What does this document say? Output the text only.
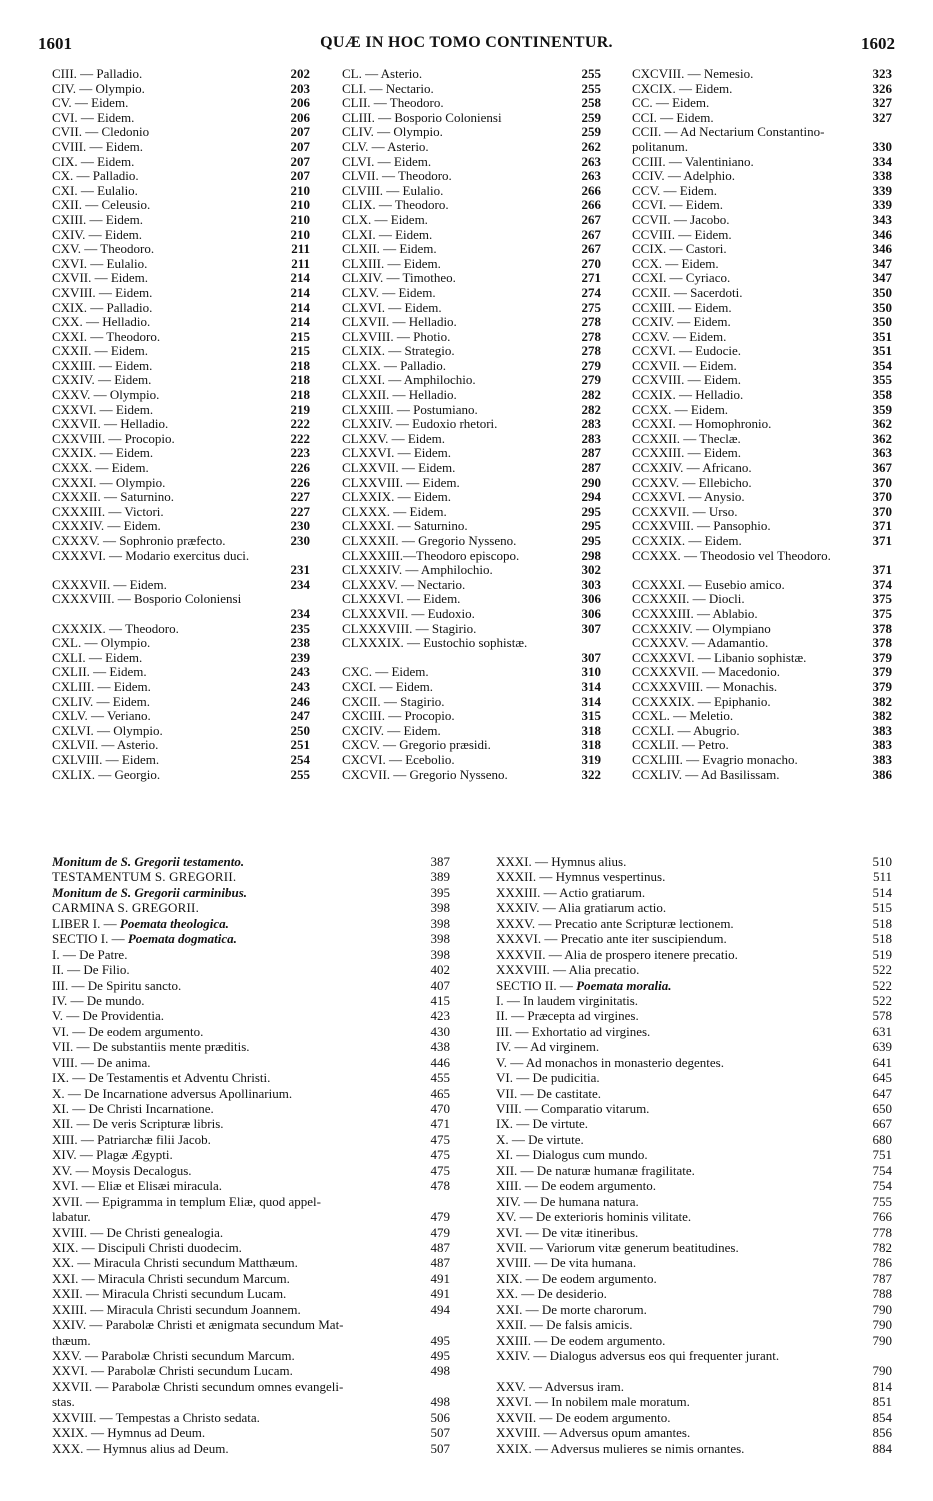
1601	QUÆ IN HOC TOMO CONTINENTUR.	1602
CIII. — Palladio.	202
CIV. — Olympio.	203
CV. — Eidem.	206
CVI. — Eidem.	206
CVII. — Cledonio	207
CVIII. — Eidem.	207
CIX. — Eidem.	207
CX. — Palladio.	207
CXI. — Eulalio.	210
CXII. — Celeusio.	210
CXIII. — Eidem.	210
CXIV. — Eidem.	210
CXV. — Theodoro.	211
CXVI. — Eulalio.	211
CXVII. — Eidem.	214
CXVIII. — Eidem.	214
CXIX. — Palladio.	214
CXX. — Helladio.	214
CXXI. — Theodoro.	215
CXXII. — Eidem.	215
CXXIII. — Eidem.	218
CXXIV. — Eidem.	218
CXXV. — Olympio.	218
CXXVI. — Eidem.	219
CXXVII. — Helladio.	222
CXXVIII. — Procopio.	222
CXXIX. — Eidem.	223
CXXX. — Eidem.	226
CXXXI. — Olympio.	226
CXXXII. — Saturnino.	227
CXXXIII. — Victori.	227
CXXXIV. — Eidem.	230
CXXXV. — Sophronio præfecto.	230
CXXXVI. — Modario exercitus duci.
231
CXXXVII. — Eidem.	234
CXXXVIII. — Bosporio Coloniensi
234
CXXXIX. — Theodoro.	235
CXL. — Olympio.	238
CXLI. — Eidem.	239
CXLII. — Eidem.	243
CXLIII. — Eidem.	243
CXLIV. — Eidem.	246
CXLV. — Veriano.	247
CXLVI. — Olympio.	250
CXLVII. — Asterio.	251
CXLVIII. — Eidem.	254
CXLIX. — Georgio.	255
CL. — Asterio.	255
CLI. — Nectario.	255
CLII. — Theodoro.	258
CLIII. — Bosporio Coloniensi	259
CLIV. — Olympio.	259
CLV. — Asterio.	262
CLVI. — Eidem.	263
CLVII. — Theodoro.	263
CLVIII. — Eulalio.	266
CLIX. — Theodoro.	266
CLX. — Eidem.	267
CLXI. — Eidem.	267
CLXII. — Eidem.	267
CLXIII. — Eidem.	270
CLXIV. — Timotheo.	271
CLXV. — Eidem.	274
CLXVI. — Eidem.	275
CLXVII. — Helladio.	278
CLXVIII. — Photio.	278
CLXIX. — Strategio.	278
CLXX. — Palladio.	279
CLXXI. — Amphilochio.	279
CLXXII. — Helladio.	282
CLXXIII. — Postumiano.	282
CLXXIV. — Eudoxio rhetori.	283
CLXXV. — Eidem.	283
CLXXVI. — Eidem.	287
CLXXVII. — Eidem.	287
CLXXVIII. — Eidem.	290
CLXXIX. — Eidem.	294
CLXXX. — Eidem.	295
CLXXXI. — Saturnino.	295
CLXXXII. — Gregorio Nysseno.	295
CLXXXIII.—Theodoro episcopo.	298
CLXXXIV. — Amphilochio.	302
CLXXXV. — Nectario.	303
CLXXXVI. — Eidem.	306
CLXXXVII. — Eudoxio.	306
CLXXXVIII. — Stagirio.	307
CLXXXIX. — Eustochio sophistæ.
307
CXC. — Eidem.	310
CXCI. — Eidem.	314
CXCII. — Stagirio.	314
CXCIII. — Procopio.	315
CXCIV. — Eidem.	318
CXCV. — Gregorio præsidi.	318
CXCVI. — Ecebolio.	319
CXCVII. — Gregorio Nysseno.	322
CXCVIII. — Nemesio.	323
CXCIX. — Eidem.	326
CC. — Eidem.	327
CCI. — Eidem.	327
CCII. — Ad Nectarium Constantino-
politanum.	330
CCIII. — Valentiniano.	334
CCIV. — Adelphio.	338
CCV. — Eidem.	339
CCVI. — Eidem.	339
CCVII. — Jacobo.	343
CCVIII. — Eidem.	346
CCIX. — Castori.	346
CCX. — Eidem.	347
CCXI. — Cyriaco.	347
CCXII. — Sacerdoti.	350
CCXIII. — Eidem.	350
CCXIV. — Eidem.	350
CCXV. — Eidem.	351
CCXVI. — Eudocie.	351
CCXVII. — Eidem.	354
CCXVIII. — Eidem.	355
CCXIX. — Helladio.	358
CCXX. — Eidem.	359
CCXXI. — Homophronio.	362
CCXXII. — Theclæ.	362
CCXXIII. — Eidem.	363
CCXXIV. — Africano.	367
CCXXV. — Ellebicho.	370
CCXXVI. — Anysio.	370
CCXXVII. — Urso.	370
CCXXVIII. — Pansophio.	371
CCXXIX. — Eidem.	371
CCXXX. — Theodosio vel Theodoro.
371
CCXXXI. — Eusebio amico.	374
CCXXXII. — Diocli.	375
CCXXXIII. — Ablabio.	375
CCXXXIV. — Olympiano	378
CCXXXV. — Adamantio.	378
CCXXXVI. — Libanio sophistæ.	379
CCXXXVII. — Macedonio.	379
CCXXXVIII. — Monachis.	379
CCXXXIX. — Epiphanio.	382
CCXL. — Meletio.	382
CCXLI. — Abugrio.	383
CCXLII. — Petro.	383
CCXLIII. — Evagrio monacho.	383
CCXLIV. — Ad Basilissam.	386
Monitum de S. Gregorii testamento.	387
TESTAMENTUM S. GREGORII.	389
Monitum de S. Gregorii carminibus.	395
CARMINA S. GREGORII.	398
LIBER I. — Poemata theologica.	398
SECTIO I. — Poemata dogmatica.	398
I. — De Patre.	398
II. — De Filio.	402
III. — De Spiritu sancto.	407
IV. — De mundo.	415
V. — De Providentia.	423
VI. — De eodem argumento.	430
VII. — De substantiis mente præditis.	438
VIII. — De anima.	446
IX. — De Testamentis et Adventu Christi.	455
X. — De Incarnatione adversus Apollinarium.	465
XI. — De Christi Incarnatione.	470
XII. — De veris Scripturæ libris.	471
XIII. — Patriarchæ filii Jacob.	475
XIV. — Plagæ Ægypti.	475
XV. — Moysis Decalogus.	475
XVI. — Eliæ et Elisæi miracula.	478
XVII. — Epigramma in templum Eliæ, quod appel-
labatur.	479
XVIII. — De Christi genealogia.	479
XIX. — Discipuli Christi duodecim.	487
XX. — Miracula Christi secundum Matthæum.	487
XXI. — Miracula Christi secundum Marcum.	491
XXII. — Miracula Christi secundum Lucam.	491
XXIII. — Miracula Christi secundum Joannem.	494
XXIV. — Parabolæ Christi et ænigmata secundum Mat-
thæum.	495
XXV. — Parabolæ Christi secundum Marcum.	495
XXVI. — Parabolæ Christi secundum Lucam.	498
XXVII. — Parabolæ Christi secundum omnes evangeli-
stas.	498
XXVIII. — Tempestas a Christo sedata.	506
XXIX. — Hymnus ad Deum.	507
XXX. — Hymnus alius ad Deum.	507
XXXI. — Hymnus alius.	510
XXXII. — Hymnus vespertinus.	511
XXXIII. — Actio gratiarum.	514
XXXIV. — Alia gratiarum actio.	515
XXXV. — Precatio ante Scripturæ lectionem.	518
XXXVI. — Precatio ante iter suscipiendum.	518
XXXVII. — Alia de prospero itenere precatio.	519
XXXVIII. — Alia precatio.	522
SECTIO II. — Poemata moralia.	522
I. — In laudem virginitatis.	522
II. — Præcepta ad virgines.	578
III. — Exhortatio ad virgines.	631
IV. — Ad virginem.	639
V. — Ad monachos in monasterio degentes.	641
VI. — De pudicitia.	645
VII. — De castitate.	647
VIII. — Comparatio vitarum.	650
IX. — De virtute.	667
X. — De virtute.	680
XI. — Dialogus cum mundo.	751
XII. — De naturæ humanæ fragilitate.	754
XIII. — De eodem argumento.	754
XIV. — De humana natura.	755
XV. — De exterioris hominis vilitate.	766
XVI. — De vitæ itineribus.	778
XVII. — Variorum vitæ generum beatitudines.	782
XVIII. — De vita humana.	786
XIX. — De eodem argumento.	787
XX. — De desiderio.	788
XXI. — De morte charorum.	790
XXII. — De falsis amicis.	790
XXIII. — De eodem argumento.	790
XXIV. — Dialogus adversus eos qui frequenter jurant.
790
XXV. — Adversus iram.	814
XXVI. — In nobilem male moratum.	851
XXVII. — De eodem argumento.	854
XXVIII. — Adversus opum amantes.	856
XXIX. — Adversus mulieres se nimis ornantes.	884
